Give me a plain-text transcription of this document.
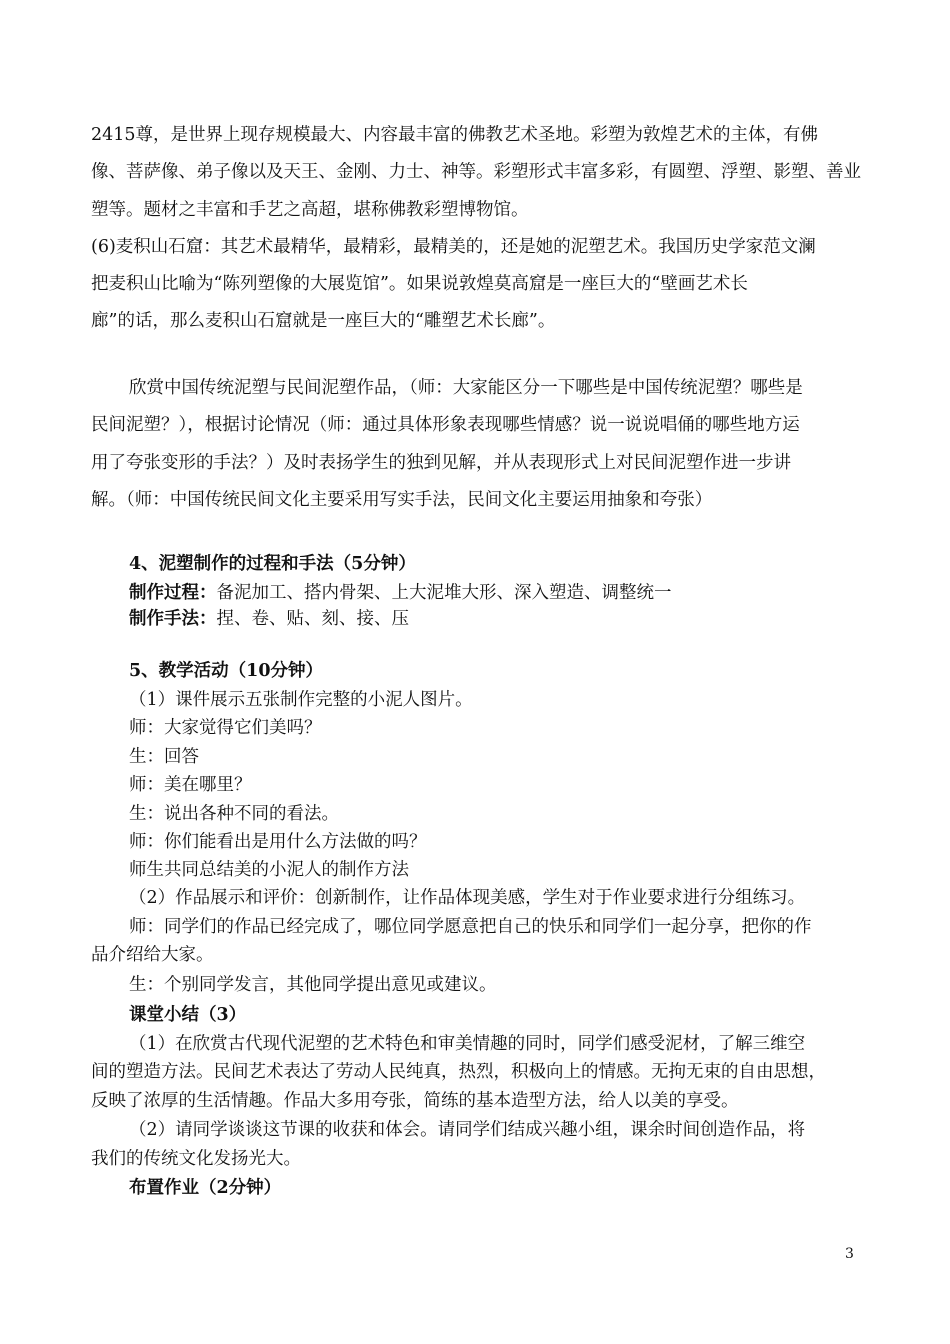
2415尊，是世界上现存规模最大、内容最丰富的佛教艺术圣地。彩塑为敦煌艺术的主体，有佛
像、菩萨像、弟子像以及天王、金刚、力士、神等。彩塑形式丰富多彩，有圆塑、浮塑、影塑、善业
塑等。题材之丰富和手艺之高超，堪称佛教彩塑博物馆。
(6)麦积山石窟：其艺术最精华，最精彩，最精美的，还是她的泥塑艺术。我国历史学家范文澜
把麦积山比喻为“陈列塑像的大展览馆”。如果说敦煌莫高窟是一座巨大的“壁画艺术长
廊”的话，那么麦积山石窟就是一座巨大的“雕塑艺术长廊”。
欣赏中国传统泥塑与民间泥塑作品，（师：大家能区分一下哪些是中国传统泥塑？哪些是
民间泥塑？），根据讨论情况（师：通过具体形象表现哪些情感？说一说说唱俑的哪些地方运
用了夸张变形的手法？）及时表扬学生的独到见解，并从表现形式上对民间泥塑作进一步讲
解。（师：中国传统民间文化主要采用写实手法，民间文化主要运用抽象和夸张）
4、泥塑制作的过程和手法（5分钟）
制作过程：备泥加工、搭内骨架、上大泥堆大形、深入塑造、调整统一
制作手法：捏、卷、贴、刻、接、压
5、教学活动（10分钟）
（1）课件展示五张制作完整的小泥人图片。
师：大家觉得它们美吗？
生：回答
师：美在哪里？
生：说出各种不同的看法。
师：你们能看出是用什么方法做的吗？
师生共同总结美的小泥人的制作方法
（2）作品展示和评价：创新制作，让作品体现美感，学生对于作业要求进行分组练习。
师：同学们的作品已经完成了，哪位同学愿意把自己的快乐和同学们一起分享，把你的作
品介绍给大家。
生：个别同学发言，其他同学提出意见或建议。
课堂小结（3）
（1）在欣赏古代现代泥塑的艺术特色和审美情趣的同时，同学们感受泥材，了解三维空
间的塑造方法。民间艺术表达了劳动人民纯真，热烈，积极向上的情感。无拘无束的自由思想，
反映了浓厚的生活情趣。作品大多用夸张，简练的基本造型方法，给人以美的享受。
（2）请同学谈谈这节课的收获和体会。请同学们结成兴趣小组，课余时间创造作品，将
我们的传统文化发扬光大。
布置作业（2分钟）
3
